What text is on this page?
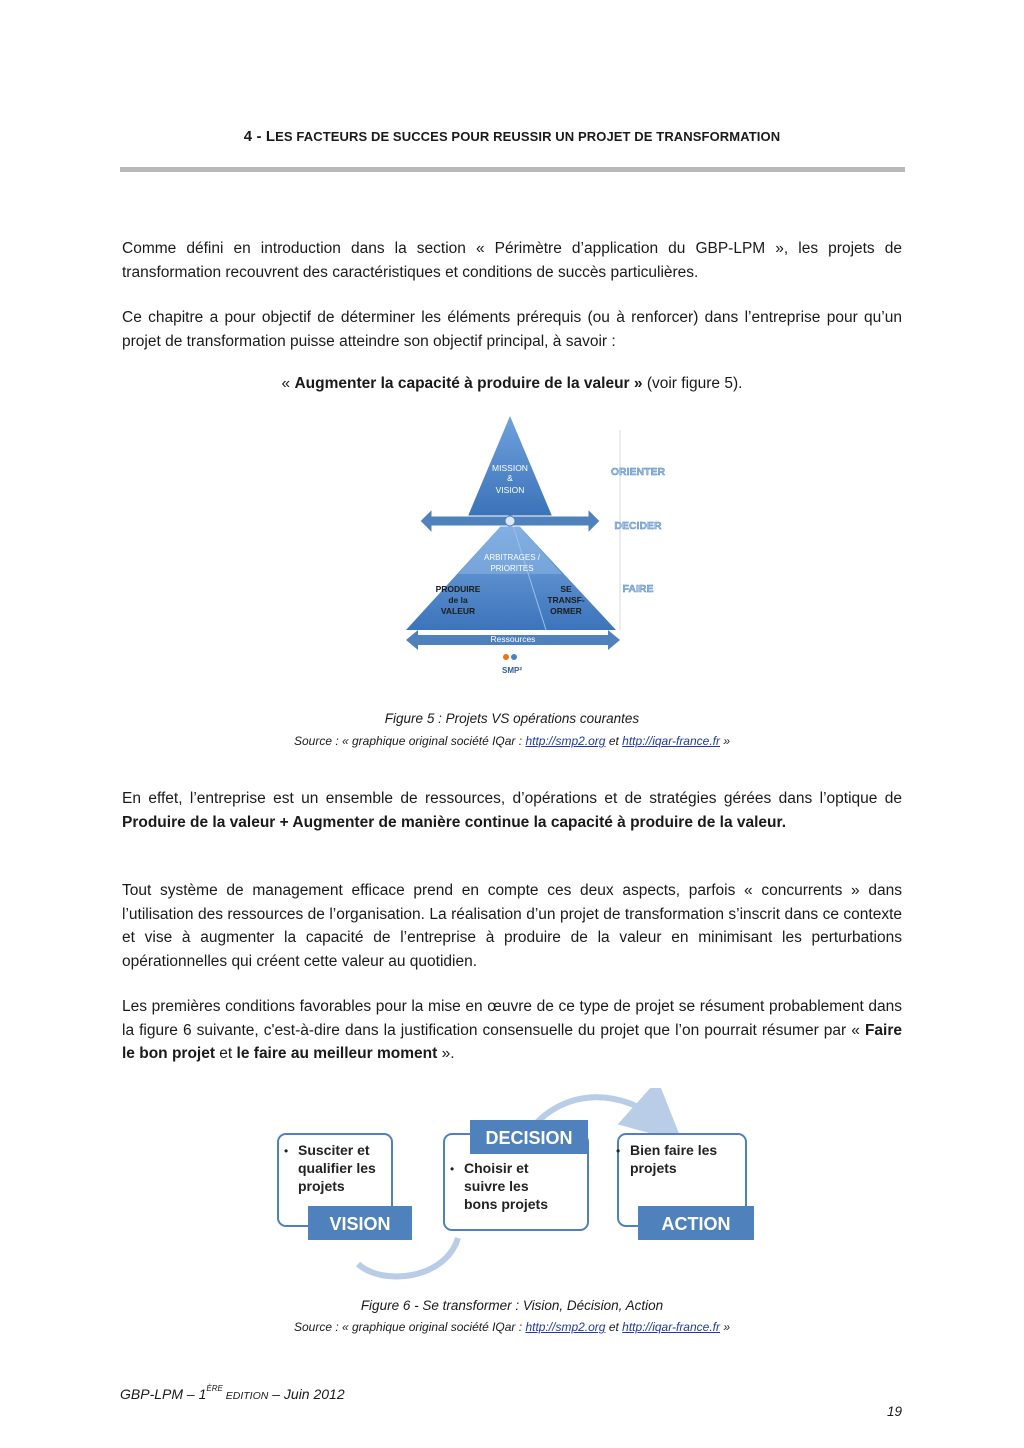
4 - LES FACTEURS DE SUCCES POUR REUSSIR UN PROJET DE TRANSFORMATION

Comme défini en introduction dans la section « Périmètre d’application du GBP-LPM », les projets de transformation recouvrent des caractéristiques et conditions de succès particulières.

Ce chapitre a pour objectif de déterminer les éléments prérequis (ou à renforcer) dans l’entreprise pour qu’un projet de transformation puisse atteindre son objectif principal, à savoir :

« Augmenter la capacité à produire de la valeur » (voir figure 5).

MISSION
&
VISION
ARBITRAGES /
PRIORITES
PRODUIRE
de la
VALEUR
SE
TRANSF-
ORMER
Ressources
ORIENTER
DECIDER
FAIRE
SMP²
Figure 5 : Projets VS opérations courantes
Source : « graphique original société IQar : http://smp2.org et http://iqar-france.fr »

En effet, l’entreprise est un ensemble de ressources, d’opérations et de stratégies gérées dans l’optique de Produire de la valeur + Augmenter de manière continue la capacité à produire de la valeur.

Tout système de management efficace prend en compte ces deux aspects, parfois « concurrents » dans l’utilisation des ressources de l’organisation. La réalisation d’un projet de transformation s’inscrit dans ce contexte et vise à augmenter la capacité de l’entreprise à produire de la valeur en minimisant les perturbations opérationnelles qui créent cette valeur au quotidien.

Les premières conditions favorables pour la mise en œuvre de ce type de projet se résument probablement dans la figure 6 suivante, c'est-à-dire dans la justification consensuelle du projet que l’on pourrait résumer par « Faire le bon projet et le faire au meilleur moment ».

VISION
• Susciter et
qualifier les
projets
DECISION
• Choisir et
suivre les
bons projets
ACTION
• Bien faire les
projets
Figure 6 - Se transformer : Vision, Décision, Action
Source : « graphique original société IQar : http://smp2.org et http://iqar-france.fr »
GBP-LPM – 1ÈRE EDITION – Juin 2012
19
